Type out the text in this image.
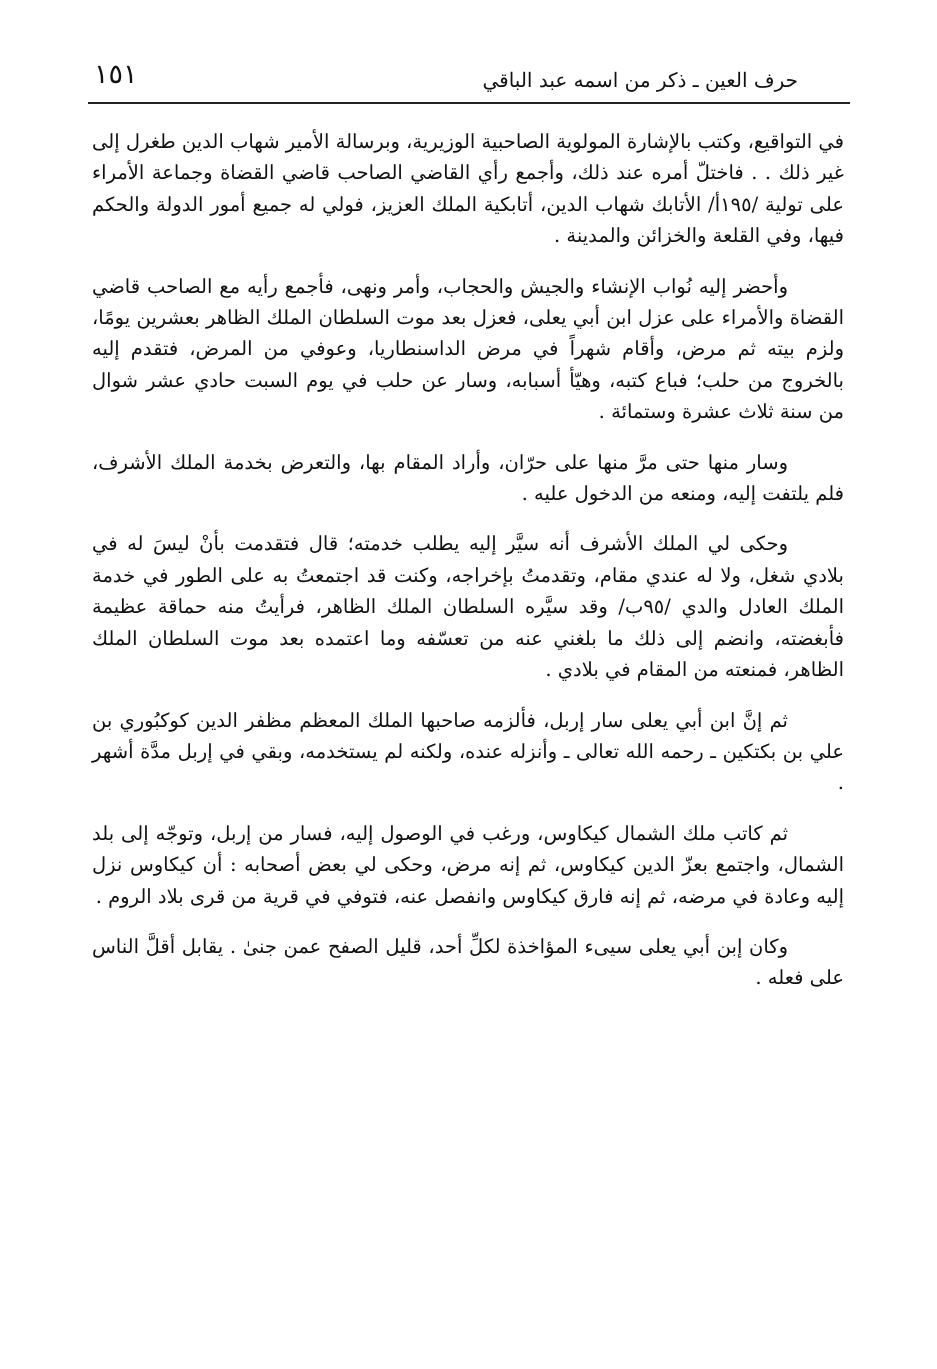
١٥١	حرف العين ـ ذكر من اسمه عبد الباقي

في التواقيع، وكتب بالإشارة المولوية الصاحبية الوزيرية، وبرسالة الأمير شهاب الدين طغرل إلى غير ذلك . . فاختلّ أمره عند ذلك، وأجمع رأي القاضي الصاحب قاضي القضاة وجماعة الأمراء على تولية /١٩٥أ/ الأتابك شهاب الدين، أتابكية الملك العزيز، فولي له جميع أمور الدولة والحكم فيها، وفي القلعة والخزائن والمدينة .

وأحضر إليه نُواب الإنشاء والجيش والحجاب، وأمر ونهى، فأجمع رأيه مع الصاحب قاضي القضاة والأمراء على عزل ابن أبي يعلى، فعزل بعد موت السلطان الملك الظاهر بعشرين يومًا، ولزم بيته ثم مرض، وأقام شهراً في مرض الداسنطاريا، وعوفي من المرض، فتقدم إليه بالخروج من حلب؛ فباع كتبه، وهيّأ أسبابه، وسار عن حلب في يوم السبت حادي عشر شوال من سنة ثلاث عشرة وستمائة .

وسار منها حتى مرَّ منها على حرّان، وأراد المقام بها، والتعرض بخدمة الملك الأشرف، فلم يلتفت إليه، ومنعه من الدخول عليه .

وحكى لي الملك الأشرف أنه سيَّر إليه يطلب خدمته؛ قال فتقدمت بأنْ ليسَ له في بلادي شغل، ولا له عندي مقام، وتقدمتُ بإخراجه، وكنت قد اجتمعتُ به على الطور في خدمة الملك العادل والدي /٩٥ب/ وقد سيَّره السلطان الملك الظاهر، فرأيتُ منه حماقة عظيمة فأبغضته، وانضم إلى ذلك ما بلغني عنه من تعسّفه وما اعتمده بعد موت السلطان الملك الظاهر، فمنعته من المقام في بلادي .

ثم إنَّ ابن أبي يعلى سار إربل، فألزمه صاحبها الملك المعظم مظفر الدين كوكبُوري بن علي بن بكتكين ـ رحمه الله تعالى ـ وأنزله عنده، ولكنه لم يستخدمه، وبقي في إربل مدَّة أشهر .

ثم كاتب ملك الشمال كيكاوس، ورغب في الوصول إليه، فسار من إربل، وتوجّه إلى بلد الشمال، واجتمع بعزّ الدين كيكاوس، ثم إنه مرض، وحكى لي بعض أصحابه : أن كيكاوس نزل إليه وعادة في مرضه، ثم إنه فارق كيكاوس وانفصل عنه، فتوفي في قرية من قرى بلاد الروم .

وكان إبن أبي يعلى سيىء المؤاخذة لكلِّ أحد، قليل الصفح عمن جنىٰ . يقابل أقلَّ الناس على فعله .
